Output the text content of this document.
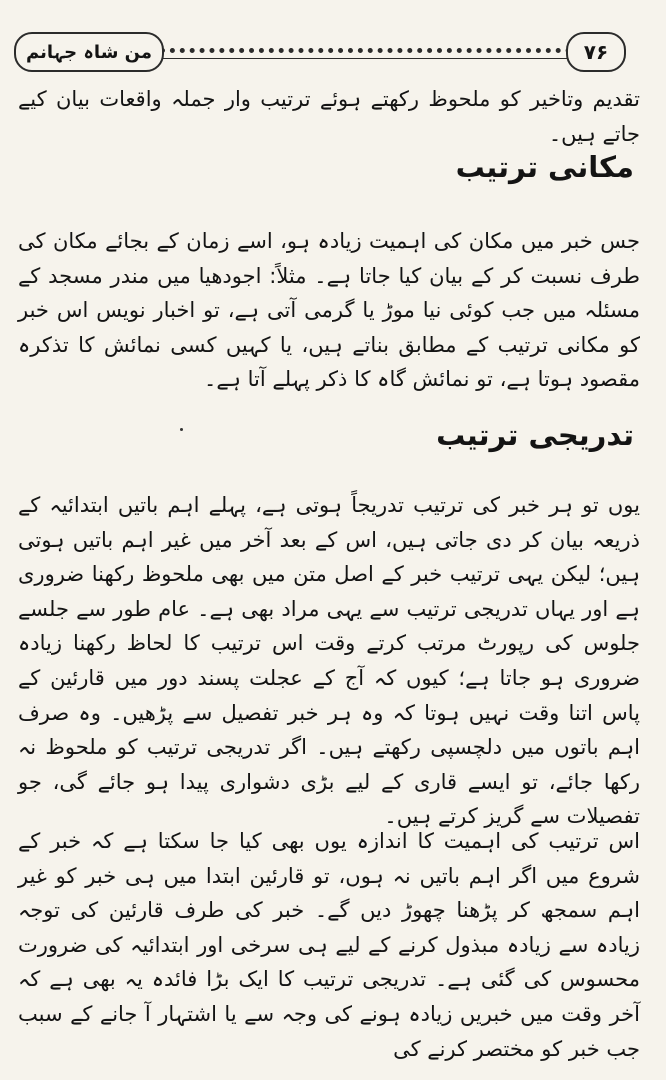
من شاہ جہانم	۷۶

تقدیم وتاخیر کو ملحوظ رکھتے ہوئے ترتیب وار جملہ واقعات بیان کیے جاتے ہیں۔

مکانی ترتیب

جس خبر میں مکان کی اہمیت زیادہ ہو، اسے زمان کے بجائے مکان کی طرف نسبت کر کے بیان کیا جاتا ہے۔ مثلاً: اجودھیا میں مندر مسجد کے مسئلہ میں جب کوئی نیا موڑ یا گرمی آتی ہے، تو اخبار نویس اس خبر کو مکانی ترتیب کے مطابق بناتے ہیں، یا کہیں کسی نمائش کا تذکرہ مقصود ہوتا ہے، تو نمائش گاہ کا ذکر پہلے آتا ہے۔

تدریجی ترتیب

یوں تو ہر خبر کی ترتیب تدریجاً ہوتی ہے، پہلے اہم باتیں ابتدائیہ کے ذریعہ بیان کر دی جاتی ہیں، اس کے بعد آخر میں غیر اہم باتیں ہوتی ہیں؛ لیکن یہی ترتیب خبر کے اصل متن میں بھی ملحوظ رکھنا ضروری ہے اور یہاں تدریجی ترتیب سے یہی مراد بھی ہے۔ عام طور سے جلسے جلوس کی رپورٹ مرتب کرتے وقت اس ترتیب کا لحاظ رکھنا زیادہ ضروری ہو جاتا ہے؛ کیوں کہ آج کے عجلت پسند دور میں قارئین کے پاس اتنا وقت نہیں ہوتا کہ وہ ہر خبر تفصیل سے پڑھیں۔ وہ صرف اہم باتوں میں دلچسپی رکھتے ہیں۔ اگر تدریجی ترتیب کو ملحوظ نہ رکھا جائے، تو ایسے قاری کے لیے بڑی دشواری پیدا ہو جائے گی، جو تفصیلات سے گریز کرتے ہیں۔

اس ترتیب کی اہمیت کا اندازہ یوں بھی کیا جا سکتا ہے کہ خبر کے شروع میں اگر اہم باتیں نہ ہوں، تو قارئین ابتدا میں ہی خبر کو غیر اہم سمجھ کر پڑھنا چھوڑ دیں گے۔ خبر کی طرف قارئین کی توجہ زیادہ سے زیادہ مبذول کرنے کے لیے ہی سرخی اور ابتدائیہ کی ضرورت محسوس کی گئی ہے۔ تدریجی ترتیب کا ایک بڑا فائدہ یہ بھی ہے کہ آخر وقت میں خبریں زیادہ ہونے کی وجہ سے یا اشتہار آ جانے کے سبب جب خبر کو مختصر کرنے کی
